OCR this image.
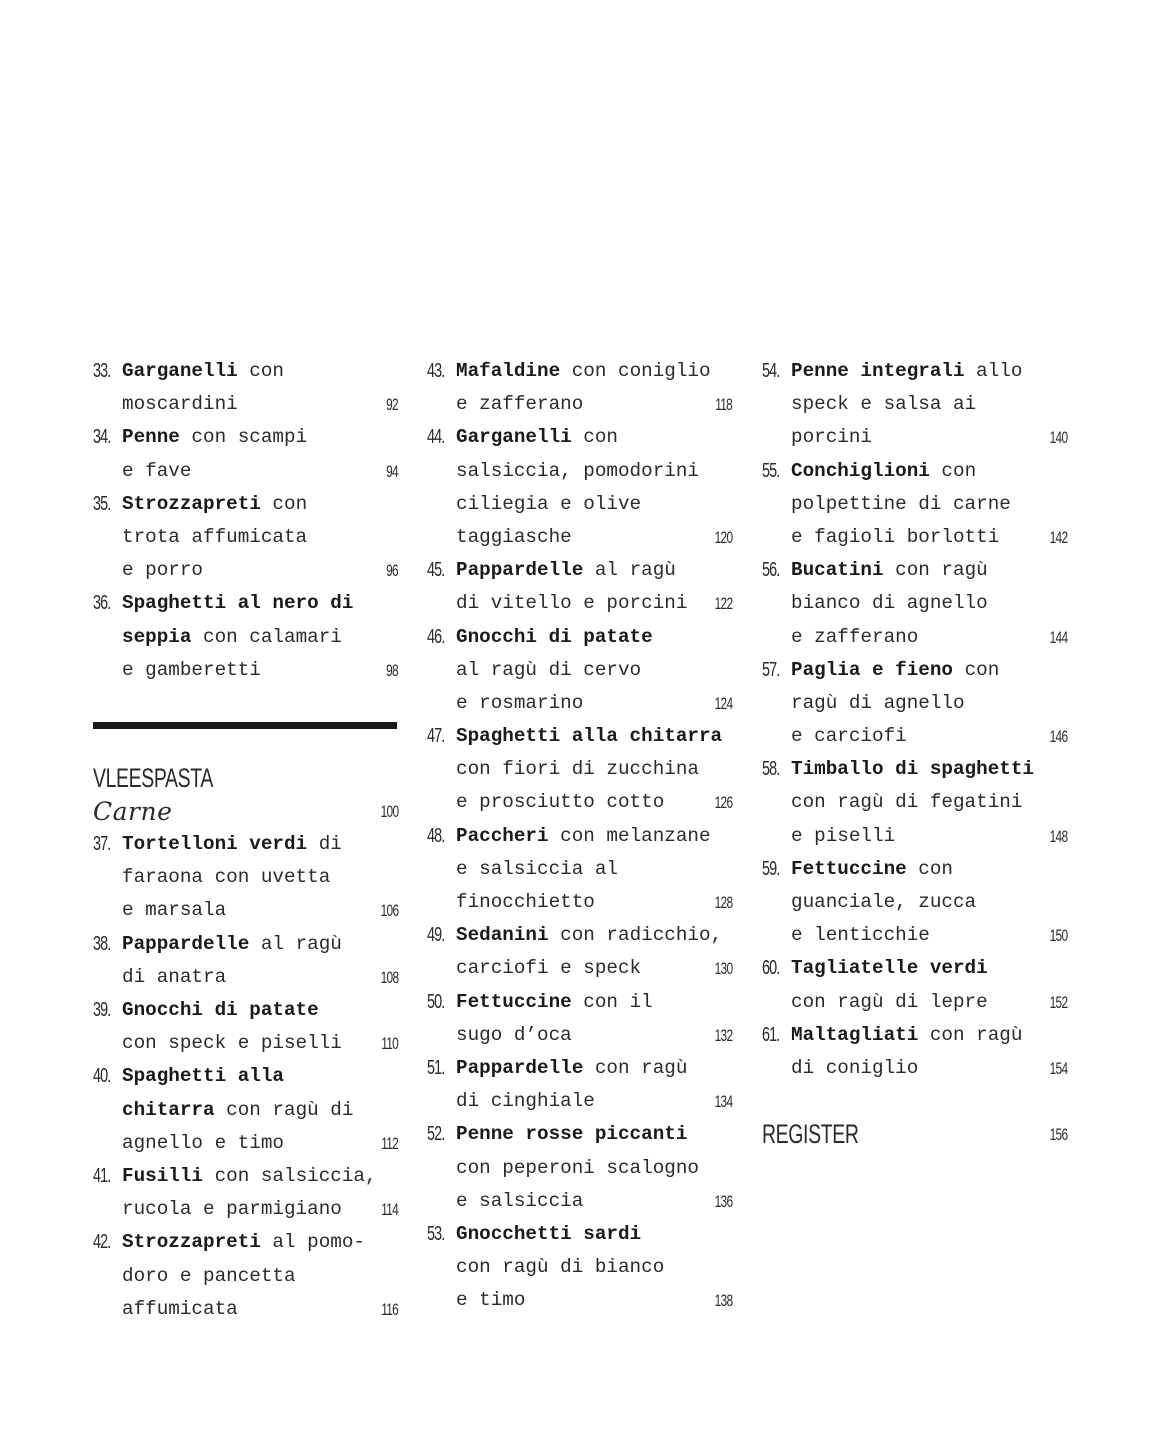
33. Garganelli con
moscardini	92
34. Penne con scampi
e fave	94
35. Strozzapreti con
trota affumicata
e porro	96
36. Spaghetti al nero di
seppia con calamari
e gamberetti	98
VLEESPASTA
Carne	100
37. Tortelloni verdi di
faraona con uvetta
e marsala	106
38. Pappardelle al ragù
di anatra	108
39. Gnocchi di patate
con speck e piselli 110
40. Spaghetti alla
chitarra con ragù di
agnello e timo	112
41. Fusilli con salsiccia,
rucola e parmigiano 114
42. Strozzapreti al pomo-
doro e pancetta
affumicata	116
43. Mafaldine con coniglio
e zafferano	118
44. Garganelli con
salsiccia, pomodorini
ciliegia e olive
taggiasche	120
45. Pappardelle al ragù
di vitello e porcini 122
46. Gnocchi di patate
al ragù di cervo
e rosmarino	124
47. Spaghetti alla chitarra
con fiori di zucchina
e prosciutto cotto	126
48. Paccheri con melanzane
e salsiccia al
finocchietto	128
49. Sedanini con radicchio,
carciofi e speck	130
50. Fettuccine con il
sugo d’oca	132
51. Pappardelle con ragù
di cinghiale	134
52. Penne rosse piccanti
con peperoni scalogno
e salsiccia	136
53. Gnocchetti sardi
con ragù di bianco
e timo	138
54. Penne integrali allo
speck e salsa ai
porcini	140
55. Conchiglioni con
polpettine di carne
e fagioli borlotti	142
56. Bucatini con ragù
bianco di agnello
e zafferano	144
57. Paglia e fieno con
ragù di agnello
e carciofi	146
58. Timballo di spaghetti
con ragù di fegatini
e piselli	148
59. Fettuccine con
guanciale, zucca
e lenticchie	150
60. Tagliatelle verdi
con ragù di lepre	152
61. Maltagliati con ragù
di coniglio	154
REGISTER	156
